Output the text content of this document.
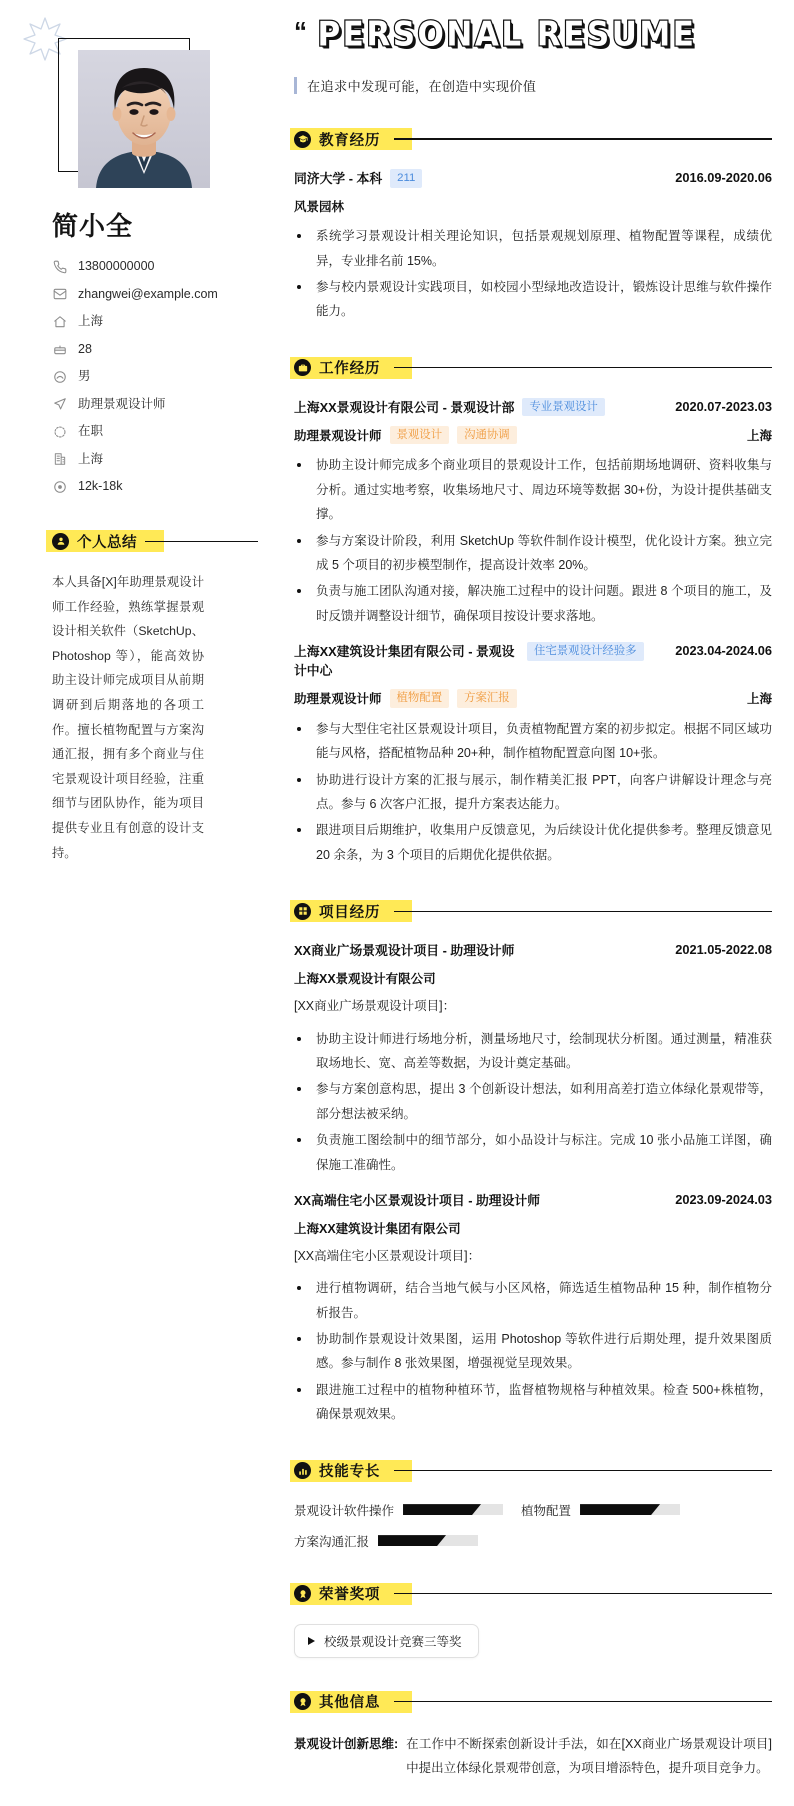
简小全
13800000000
zhangwei@example.com
上海
28
男
助理景观设计师
在职
上海
12k-18k
个人总结

本人具备[X]年助理景观设计师工作经验，熟练掌握景观设计相关软件（SketchUp、Photoshop 等），能高效协助主设计师完成项目从前期调研到后期落地的各项工作。擅长植物配置与方案沟通汇报，拥有多个商业与住宅景观设计项目经验，注重细节与团队协作，能为项目提供专业且有创意的设计支持。

“ PERSONAL RESUME
在追求中发现可能，在创造中实现价值
教育经历
同济大学 - 本科	211	2016.09-2020.06
风景园林
系统学习景观设计相关理论知识，包括景观规划原理、植物配置等课程，成绩优异，专业排名前 15%。
参与校内景观设计实践项目，如校园小型绿地改造设计，锻炼设计思维与软件操作能力。
工作经历
上海XX景观设计有限公司 - 景观设计部	专业景观设计	2020.07-2023.03
助理景观设计师	景观设计	沟通协调	上海
协助主设计师完成多个商业项目的景观设计工作，包括前期场地调研、资料收集与分析。通过实地考察，收集场地尺寸、周边环境等数据 30+份，为设计提供基础支撑。
参与方案设计阶段，利用 SketchUp 等软件制作设计模型，优化设计方案。独立完成 5 个项目的初步模型制作，提高设计效率 20%。
负责与施工团队沟通对接，解决施工过程中的设计问题。跟进 8 个项目的施工，及时反馈并调整设计细节，确保项目按设计要求落地。
上海XX建筑设计集团有限公司 - 景观设计中心
住宅景观设计经验多	2023.04-2024.06
助理景观设计师	植物配置	方案汇报	上海
参与大型住宅社区景观设计项目，负责植物配置方案的初步拟定。根据不同区域功能与风格，搭配植物品种 20+种，制作植物配置意向图 10+张。
协助进行设计方案的汇报与展示，制作精美汇报 PPT，向客户讲解设计理念与亮点。参与 6 次客户汇报，提升方案表达能力。
跟进项目后期维护，收集用户反馈意见，为后续设计优化提供参考。整理反馈意见 20 余条，为 3 个项目的后期优化提供依据。
项目经历
XX商业广场景观设计项目 - 助理设计师	2021.05-2022.08
上海XX景观设计有限公司
[XX商业广场景观设计项目]：
协助主设计师进行场地分析，测量场地尺寸，绘制现状分析图。通过测量，精准获取场地长、宽、高差等数据，为设计奠定基础。
参与方案创意构思，提出 3 个创新设计想法，如利用高差打造立体绿化景观带等，部分想法被采纳。
负责施工图绘制中的细节部分，如小品设计与标注。完成 10 张小品施工详图，确保施工准确性。
XX高端住宅小区景观设计项目 - 助理设计师	2023.09-2024.03
上海XX建筑设计集团有限公司
[XX高端住宅小区景观设计项目]：
进行植物调研，结合当地气候与小区风格，筛选适生植物品种 15 种，制作植物分析报告。
协助制作景观设计效果图，运用 Photoshop 等软件进行后期处理，提升效果图质感。参与制作 8 张效果图，增强视觉呈现效果。
跟进施工过程中的植物种植环节，监督植物规格与种植效果。检查 500+株植物，确保景观效果。
技能专长
景观设计软件操作	植物配置
方案沟通汇报
荣誉奖项
校级景观设计竞赛三等奖
其他信息
景观设计创新思维: 在工作中不断探索创新设计手法，如在[XX商业广场景观设计项目]中提出立体绿化景观带创意，为项目增添特色，提升项目竞争力。
